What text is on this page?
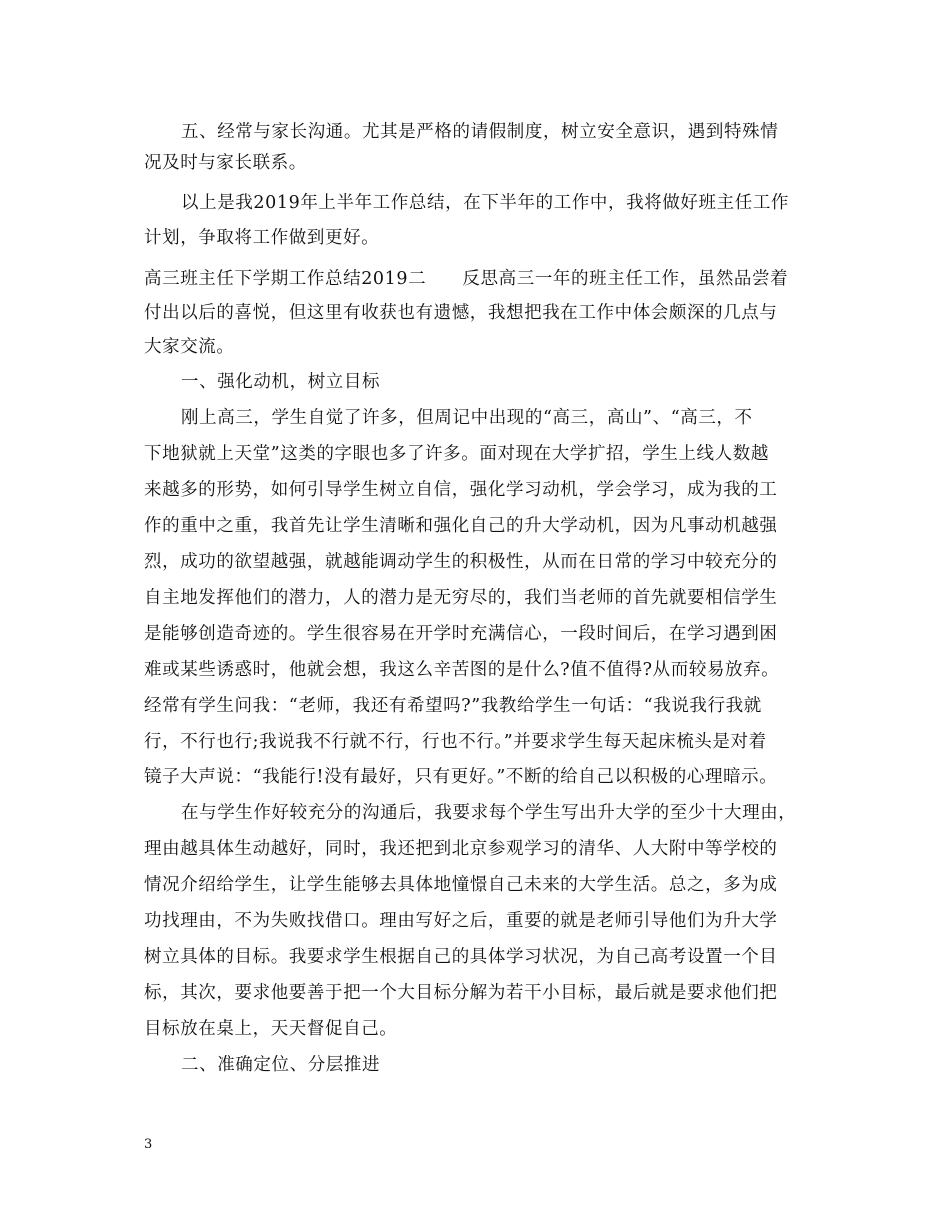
五、经常与家长沟通。尤其是严格的请假制度，树立安全意识，遇到特殊情
况及时与家长联系。
以上是我2019年上半年工作总结，在下半年的工作中，我将做好班主任工作
计划，争取将工作做到更好。
高三班主任下学期工作总结2019二　　反思高三一年的班主任工作，虽然品尝着
付出以后的喜悦，但这里有收获也有遗憾，我想把我在工作中体会颇深的几点与
大家交流。
一、强化动机，树立目标
刚上高三，学生自觉了许多，但周记中出现的“高三，高山”、“高三，不
下地狱就上天堂”这类的字眼也多了许多。面对现在大学扩招，学生上线人数越
来越多的形势，如何引导学生树立自信，强化学习动机，学会学习，成为我的工
作的重中之重，我首先让学生清晰和强化自己的升大学动机，因为凡事动机越强
烈，成功的欲望越强，就越能调动学生的积极性，从而在日常的学习中较充分的
自主地发挥他们的潜力，人的潜力是无穷尽的，我们当老师的首先就要相信学生
是能够创造奇迹的。学生很容易在开学时充满信心，一段时间后，在学习遇到困
难或某些诱惑时，他就会想，我这么辛苦图的是什么?值不值得?从而较易放弃。
经常有学生问我：“老师，我还有希望吗?”我教给学生一句话：“我说我行我就
行，不行也行;我说我不行就不行，行也不行。”并要求学生每天起床梳头是对着
镜子大声说：“我能行!没有最好，只有更好。”不断的给自己以积极的心理暗示。
在与学生作好较充分的沟通后，我要求每个学生写出升大学的至少十大理由，
理由越具体生动越好，同时，我还把到北京参观学习的清华、人大附中等学校的
情况介绍给学生，让学生能够去具体地憧憬自己未来的大学生活。总之，多为成
功找理由，不为失败找借口。理由写好之后，重要的就是老师引导他们为升大学
树立具体的目标。我要求学生根据自己的具体学习状况，为自己高考设置一个目
标，其次，要求他要善于把一个大目标分解为若干小目标，最后就是要求他们把
目标放在桌上，天天督促自己。
二、准确定位、分层推进
3
